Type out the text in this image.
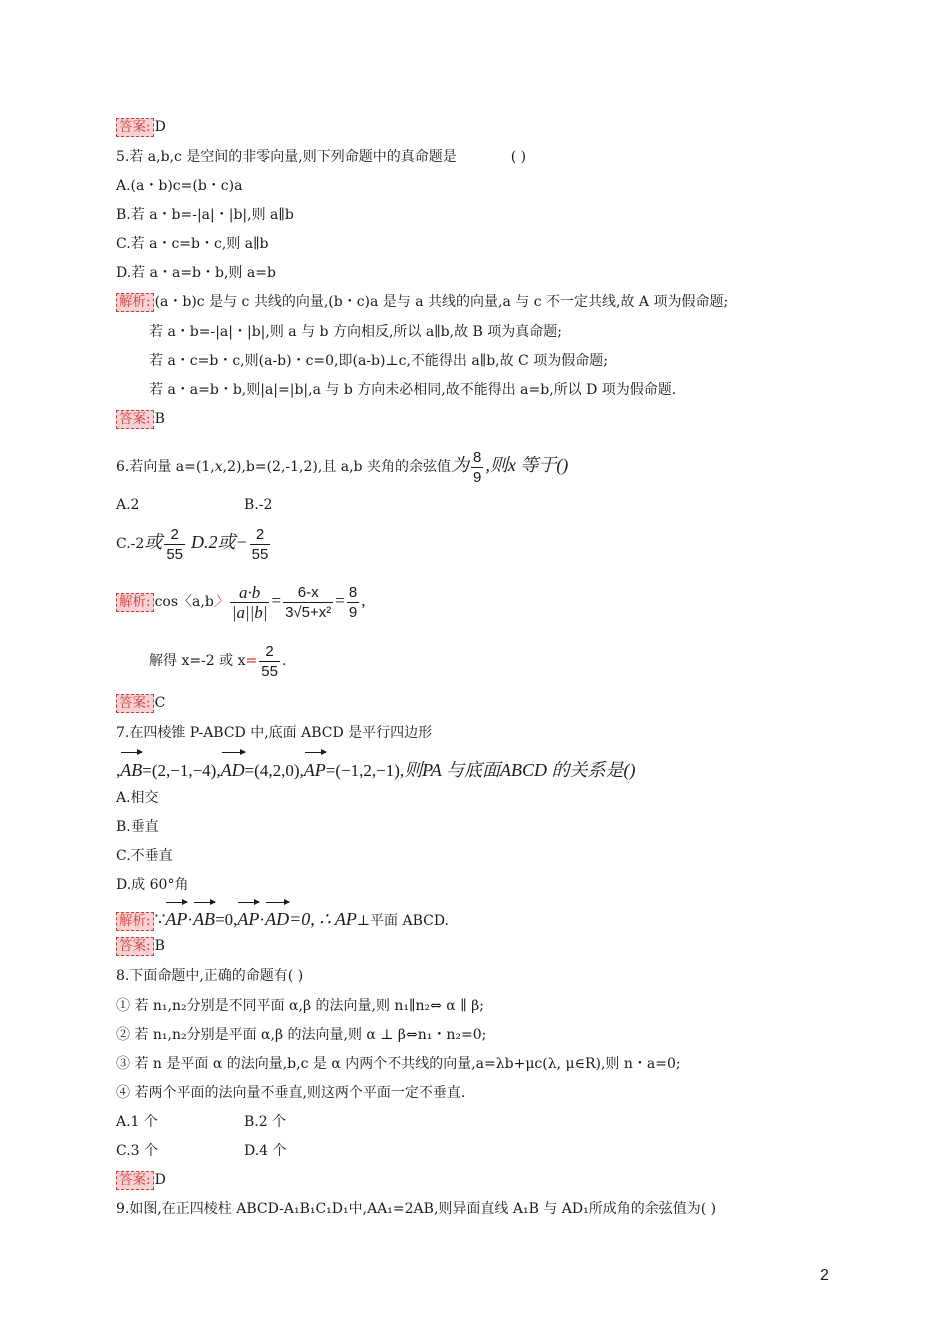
答案: D
5.若 a,b,c 是空间的非零向量,则下列命题中的真命题是	( )
A.(a・b)c=(b・c)a
B.若 a・b=-|a|・|b|,则 a∥b
C.若 a・c=b・c,则 a∥b
D.若 a・a=b・b,则 a=b
解析: (a・b)c 是与 c 共线的向量,(b・c)a 是与 a 共线的向量,a 与 c 不一定共线,故 A 项为假命题;
若 a・b=-|a|・|b|,则 a 与 b 方向相反,所以 a∥b,故 B 项为真命题;
若 a・c=b・c,则(a-b)・c=0,即(a-b)⊥c,不能得出 a∥b,故 C 项为假命题;
若 a・a=b・b,则|a|=|b|,a 与 b 方向未必相同,故不能得出 a=b,所以 D 项为假命题.
答案: B
6.若向量 a=(1,x,2),b=(2,-1,2),且 a,b 夹角的余弦值为 $\frac{8}{9}$ ,则x 等于()
A.2	B.-2
C.-2或 $\frac{2}{55} D.2$或− $\frac{2}{55}$
解析: cos〈a,b〉 $\frac{a\cdot b}{|a||b|} = \frac{6-x}{\text{3√5+x²}} = \frac{8}{9}$ ,
解得 x=-2 或 $x= \frac{2}{55}$ .
答案: C
7.在四棱锥 P-ABCD 中,底面 ABCD 是平行四边形
,AB=(2,−1,−4),AD=(4,2,0),AP=(−1,2,−1),则PA 与底面ABCD 的关系是()
A.相交
B.垂直
C.不垂直
D.成 60°角
解析: ∵AP·AB=0,AP·AD=0, ∴ AP⊥平面 ABCD.
答案: B
8.下面命题中,正确的命题有( )
① 若 n₁,n₂分别是不同平面 α,β 的法向量,则 n₁∥n₂⇔ α ∥ β;
② 若 n₁,n₂分别是平面 α,β 的法向量,则 α ⊥ β⇔n₁・n₂=0;
③ 若 n 是平面 α 的法向量,b,c 是 α 内两个不共线的向量,a=λb+μc(λ, μ∈R),则 n・a=0;
④ 若两个平面的法向量不垂直,则这两个平面一定不垂直.
A.1 个	B.2 个
C.3 个	D.4 个
答案: D
9.如图,在正四棱柱 ABCD-A₁B₁C₁D₁中,AA₁=2AB,则异面直线 A₁B 与 AD₁所成角的余弦值为( )
2
